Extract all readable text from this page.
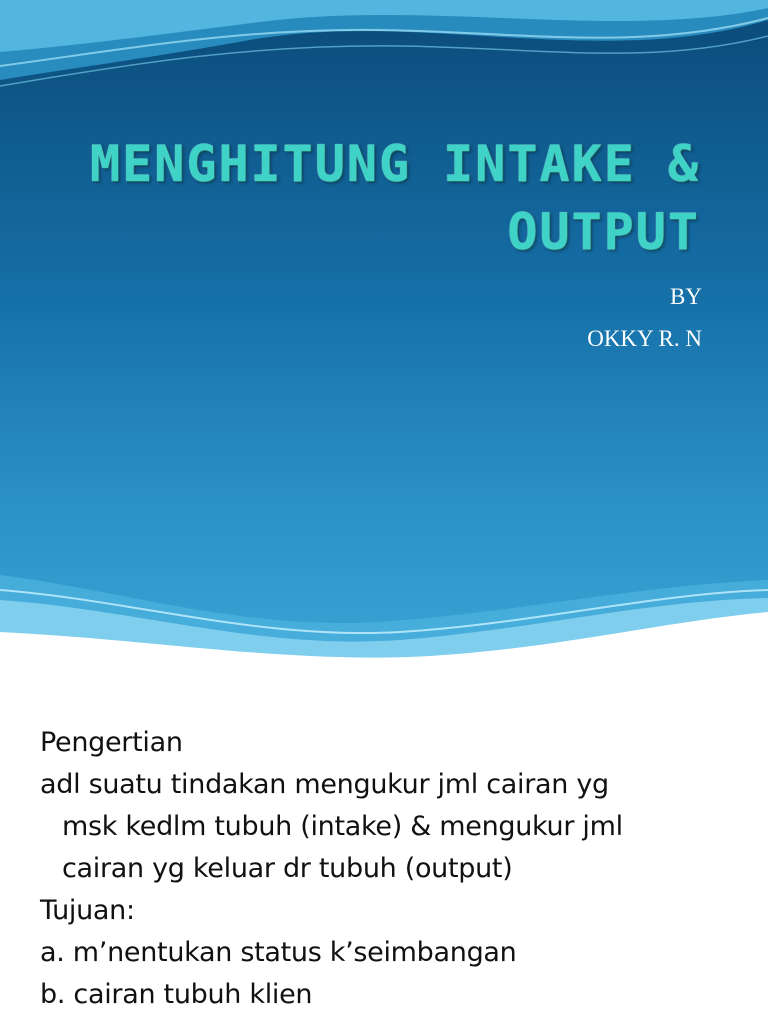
MENGHITUNG INTAKE &
OUTPUT
BY
OKKY R. N
Pengertian
adl suatu tindakan mengukur jml cairan yg
msk kedlm tubuh (intake) & mengukur jml
cairan yg keluar dr tubuh (output)
Tujuan:
a. m’nentukan status k’seimbangan
b. cairan tubuh klien
